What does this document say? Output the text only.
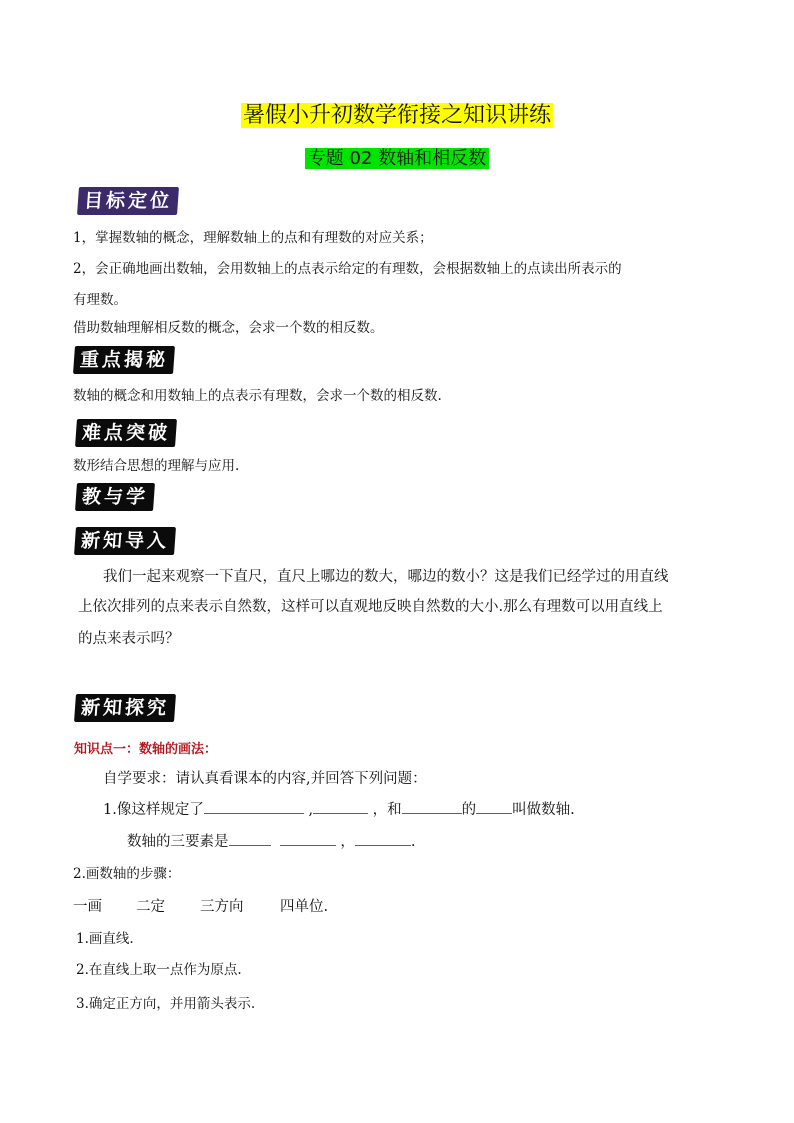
暑假小升初数学衔接之知识讲练
专题 02 数轴和相反数
目标定位
1，掌握数轴的概念，理解数轴上的点和有理数的对应关系；
2，会正确地画出数轴，会用数轴上的点表示给定的有理数，会根据数轴上的点读出所表示的
有理数。
借助数轴理解相反数的概念，会求一个数的相反数。
重点揭秘
数轴的概念和用数轴上的点表示有理数，会求一个数的相反数.
难点突破
数形结合思想的理解与应用.
教与学
新知导入
我们一起来观察一下直尺，直尺上哪边的数大，哪边的数小？这是我们已经学过的用直线
上依次排列的点来表示自然数，这样可以直观地反映自然数的大小.那么有理数可以用直线上
的点来表示吗？
新知探究
知识点一：数轴的画法：
自学要求：请认真看课本的内容,并回答下列问题：
1.像这样规定了	,	，和	的 叫做数轴.
数轴的三要素是	，	.
2.画数轴的步骤：
一画 二定 三方向	四单位.
1.画直线.
2.在直线上取一点作为原点.
3.确定正方向，并用箭头表示.
